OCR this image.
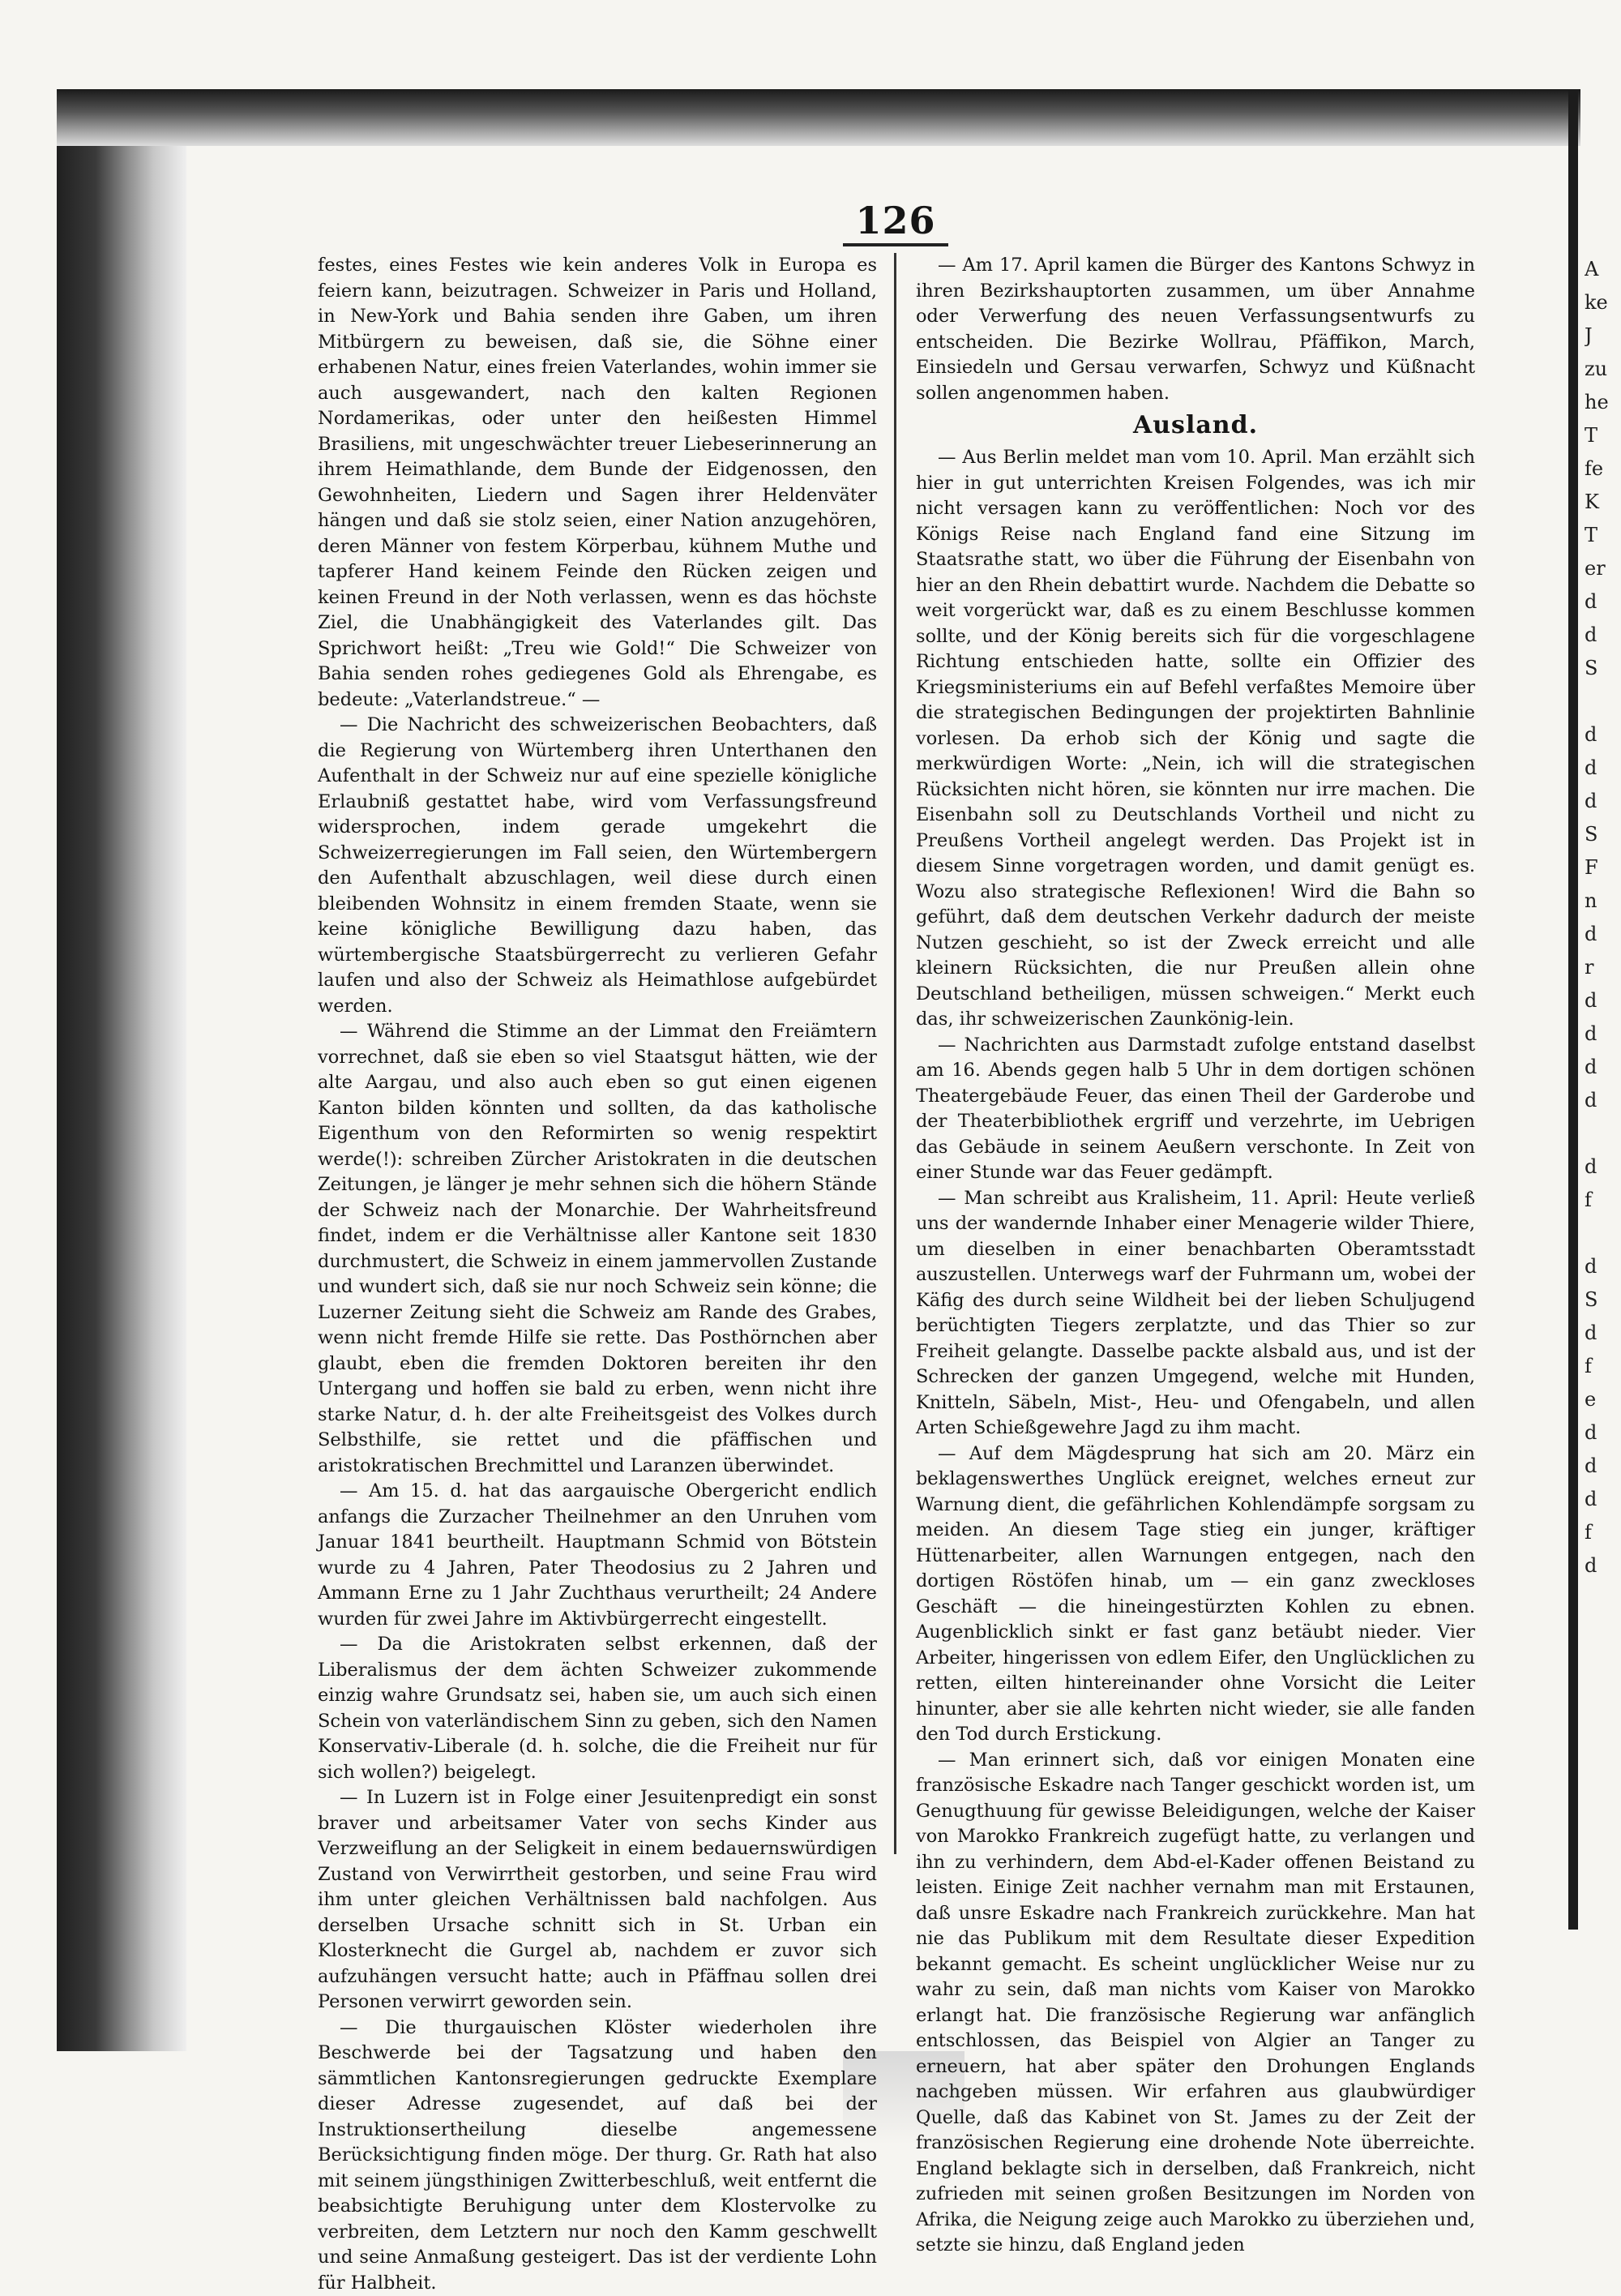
126

festes, eines Festes wie kein anderes Volk in Europa es feiern kann, beizutragen. Schweizer in Paris und Holland, in New-York und Bahia senden ihre Gaben, um ihren Mitbürgern zu beweisen, daß sie, die Söhne einer erhabenen Natur, eines freien Vaterlandes, wohin immer sie auch ausgewandert, nach den kalten Regionen Nordamerikas, oder unter den heißesten Himmel Brasiliens, mit ungeschwächter treuer Liebeserinnerung an ihrem Heimathlande, dem Bunde der Eidgenossen, den Gewohnheiten, Liedern und Sagen ihrer Heldenväter hängen und daß sie stolz seien, einer Nation anzugehören, deren Männer von festem Körperbau, kühnem Muthe und tapferer Hand keinem Feinde den Rücken zeigen und keinen Freund in der Noth verlassen, wenn es das höchste Ziel, die Unabhängigkeit des Vaterlandes gilt. Das Sprichwort heißt: „Treu wie Gold!“ Die Schweizer von Bahia senden rohes gediegenes Gold als Ehrengabe, es bedeute: „Vaterlandstreue.“ —

— Die Nachricht des schweizerischen Beobachters, daß die Regierung von Würtemberg ihren Unterthanen den Aufenthalt in der Schweiz nur auf eine spezielle königliche Erlaubniß gestattet habe, wird vom Verfassungsfreund widersprochen, indem gerade umgekehrt die Schweizerregierungen im Fall seien, den Würtembergern den Aufenthalt abzuschlagen, weil diese durch einen bleibenden Wohnsitz in einem fremden Staate, wenn sie keine königliche Bewilligung dazu haben, das würtembergische Staatsbürgerrecht zu verlieren Gefahr laufen und also der Schweiz als Heimathlose aufgebürdet werden.

— Während die Stimme an der Limmat den Freiämtern vorrechnet, daß sie eben so viel Staatsgut hätten, wie der alte Aargau, und also auch eben so gut einen eigenen Kanton bilden könnten und sollten, da das katholische Eigenthum von den Reformirten so wenig respektirt werde(!): schreiben Zürcher Aristokraten in die deutschen Zeitungen, je länger je mehr sehnen sich die höhern Stände der Schweiz nach der Monarchie. Der Wahrheitsfreund findet, indem er die Verhältnisse aller Kantone seit 1830 durchmustert, die Schweiz in einem jammervollen Zustande und wundert sich, daß sie nur noch Schweiz sein könne; die Luzerner Zeitung sieht die Schweiz am Rande des Grabes, wenn nicht fremde Hilfe sie rette. Das Posthörnchen aber glaubt, eben die fremden Doktoren bereiten ihr den Untergang und hoffen sie bald zu erben, wenn nicht ihre starke Natur, d. h. der alte Freiheitsgeist des Volkes durch Selbsthilfe, sie rettet und die pfäffischen und aristokratischen Brechmittel und Laranzen überwindet.

— Am 15. d. hat das aargauische Obergericht endlich anfangs die Zurzacher Theilnehmer an den Unruhen vom Januar 1841 beurtheilt. Hauptmann Schmid von Bötstein wurde zu 4 Jahren, Pater Theodosius zu 2 Jahren und Ammann Erne zu 1 Jahr Zuchthaus verurtheilt; 24 Andere wurden für zwei Jahre im Aktivbürgerrecht eingestellt.

— Da die Aristokraten selbst erkennen, daß der Liberalismus der dem ächten Schweizer zukommende einzig wahre Grundsatz sei, haben sie, um auch sich einen Schein von vaterländischem Sinn zu geben, sich den Namen Konservativ-Liberale (d. h. solche, die die Freiheit nur für sich wollen?) beigelegt.

— In Luzern ist in Folge einer Jesuitenpredigt ein sonst braver und arbeitsamer Vater von sechs Kinder aus Verzweiflung an der Seligkeit in einem bedauernswürdigen Zustand von Verwirrtheit gestorben, und seine Frau wird ihm unter gleichen Verhältnissen bald nachfolgen. Aus derselben Ursache schnitt sich in St. Urban ein Klosterknecht die Gurgel ab, nachdem er zuvor sich aufzuhängen versucht hatte; auch in Pfäffnau sollen drei Personen verwirrt geworden sein.

— Die thurgauischen Klöster wiederholen ihre Beschwerde bei der Tagsatzung und haben den sämmtlichen Kantonsregierungen gedruckte Exemplare dieser Adresse zugesendet, auf daß bei der Instruktionsertheilung dieselbe angemessene Berücksichtigung finden möge. Der thurg. Gr. Rath hat also mit seinem jüngsthinigen Zwitterbeschluß, weit entfernt die beabsichtigte Beruhigung unter dem Klostervolke zu verbreiten, dem Letztern nur noch den Kamm geschwellt und seine Anmaßung gesteigert. Das ist der verdiente Lohn für Halbheit.

— Am 17. April kamen die Bürger des Kantons Schwyz in ihren Bezirkshauptorten zusammen, um über Annahme oder Verwerfung des neuen Verfassungsentwurfs zu entscheiden. Die Bezirke Wollrau, Pfäffikon, March, Einsiedeln und Gersau verwarfen, Schwyz und Küßnacht sollen angenommen haben.

Ausland.

— Aus Berlin meldet man vom 10. April. Man erzählt sich hier in gut unterrichten Kreisen Folgendes, was ich mir nicht versagen kann zu veröffentlichen: Noch vor des Königs Reise nach England fand eine Sitzung im Staatsrathe statt, wo über die Führung der Eisenbahn von hier an den Rhein debattirt wurde. Nachdem die Debatte so weit vorgerückt war, daß es zu einem Beschlusse kommen sollte, und der König bereits sich für die vorgeschlagene Richtung entschieden hatte, sollte ein Offizier des Kriegsministeriums ein auf Befehl verfaßtes Memoire über die strategischen Bedingungen der projektirten Bahnlinie vorlesen. Da erhob sich der König und sagte die merkwürdigen Worte: „Nein, ich will die strategischen Rücksichten nicht hören, sie könnten nur irre machen. Die Eisenbahn soll zu Deutschlands Vortheil und nicht zu Preußens Vortheil angelegt werden. Das Projekt ist in diesem Sinne vorgetragen worden, und damit genügt es. Wozu also strategische Reflexionen! Wird die Bahn so geführt, daß dem deutschen Verkehr dadurch der meiste Nutzen geschieht, so ist der Zweck erreicht und alle kleinern Rücksichten, die nur Preußen allein ohne Deutschland betheiligen, müssen schweigen.“ Merkt euch das, ihr schweizerischen Zaunkönig-lein.

— Nachrichten aus Darmstadt zufolge entstand daselbst am 16. Abends gegen halb 5 Uhr in dem dortigen schönen Theatergebäude Feuer, das einen Theil der Garderobe und der Theaterbibliothek ergriff und verzehrte, im Uebrigen das Gebäude in seinem Aeußern verschonte. In Zeit von einer Stunde war das Feuer gedämpft.

— Man schreibt aus Kralisheim, 11. April: Heute verließ uns der wandernde Inhaber einer Menagerie wilder Thiere, um dieselben in einer benachbarten Oberamtsstadt auszustellen. Unterwegs warf der Fuhrmann um, wobei der Käfig des durch seine Wildheit bei der lieben Schuljugend berüchtigten Tiegers zerplatzte, und das Thier so zur Freiheit gelangte. Dasselbe packte alsbald aus, und ist der Schrecken der ganzen Umgegend, welche mit Hunden, Knitteln, Säbeln, Mist-, Heu- und Ofengabeln, und allen Arten Schießgewehre Jagd zu ihm macht.

— Auf dem Mägdesprung hat sich am 20. März ein beklagenswerthes Unglück ereignet, welches erneut zur Warnung dient, die gefährlichen Kohlendämpfe sorgsam zu meiden. An diesem Tage stieg ein junger, kräftiger Hüttenarbeiter, allen Warnungen entgegen, nach den dortigen Röstöfen hinab, um — ein ganz zweckloses Geschäft — die hineingestürzten Kohlen zu ebnen. Augenblicklich sinkt er fast ganz betäubt nieder. Vier Arbeiter, hingerissen von edlem Eifer, den Unglücklichen zu retten, eilten hintereinander ohne Vorsicht die Leiter hinunter, aber sie alle kehrten nicht wieder, sie alle fanden den Tod durch Erstickung.

— Man erinnert sich, daß vor einigen Monaten eine französische Eskadre nach Tanger geschickt worden ist, um Genugthuung für gewisse Beleidigungen, welche der Kaiser von Marokko Frankreich zugefügt hatte, zu verlangen und ihn zu verhindern, dem Abd-el-Kader offenen Beistand zu leisten. Einige Zeit nachher vernahm man mit Erstaunen, daß unsre Eskadre nach Frankreich zurückkehre. Man hat nie das Publikum mit dem Resultate dieser Expedition bekannt gemacht. Es scheint unglücklicher Weise nur zu wahr zu sein, daß man nichts vom Kaiser von Marokko erlangt hat. Die französische Regierung war anfänglich entschlossen, das Beispiel von Algier an Tanger zu erneuern, hat aber später den Drohungen Englands nachgeben müssen. Wir erfahren aus glaubwürdiger Quelle, daß das Kabinet von St. James zu der Zeit der französischen Regierung eine drohende Note überreichte. England beklagte sich in derselben, daß Frankreich, nicht zufrieden mit seinen großen Besitzungen im Norden von Afrika, die Neigung zeige auch Marokko zu überziehen und, setzte sie hinzu, daß England jeden

A
ke
J
zu
he
T
fe
K
T
er
d
d
S

d
d
d
S
F
n
d
r
d
d
d
d

d
f

d
S
d
f
e
d
d
d
f
d
